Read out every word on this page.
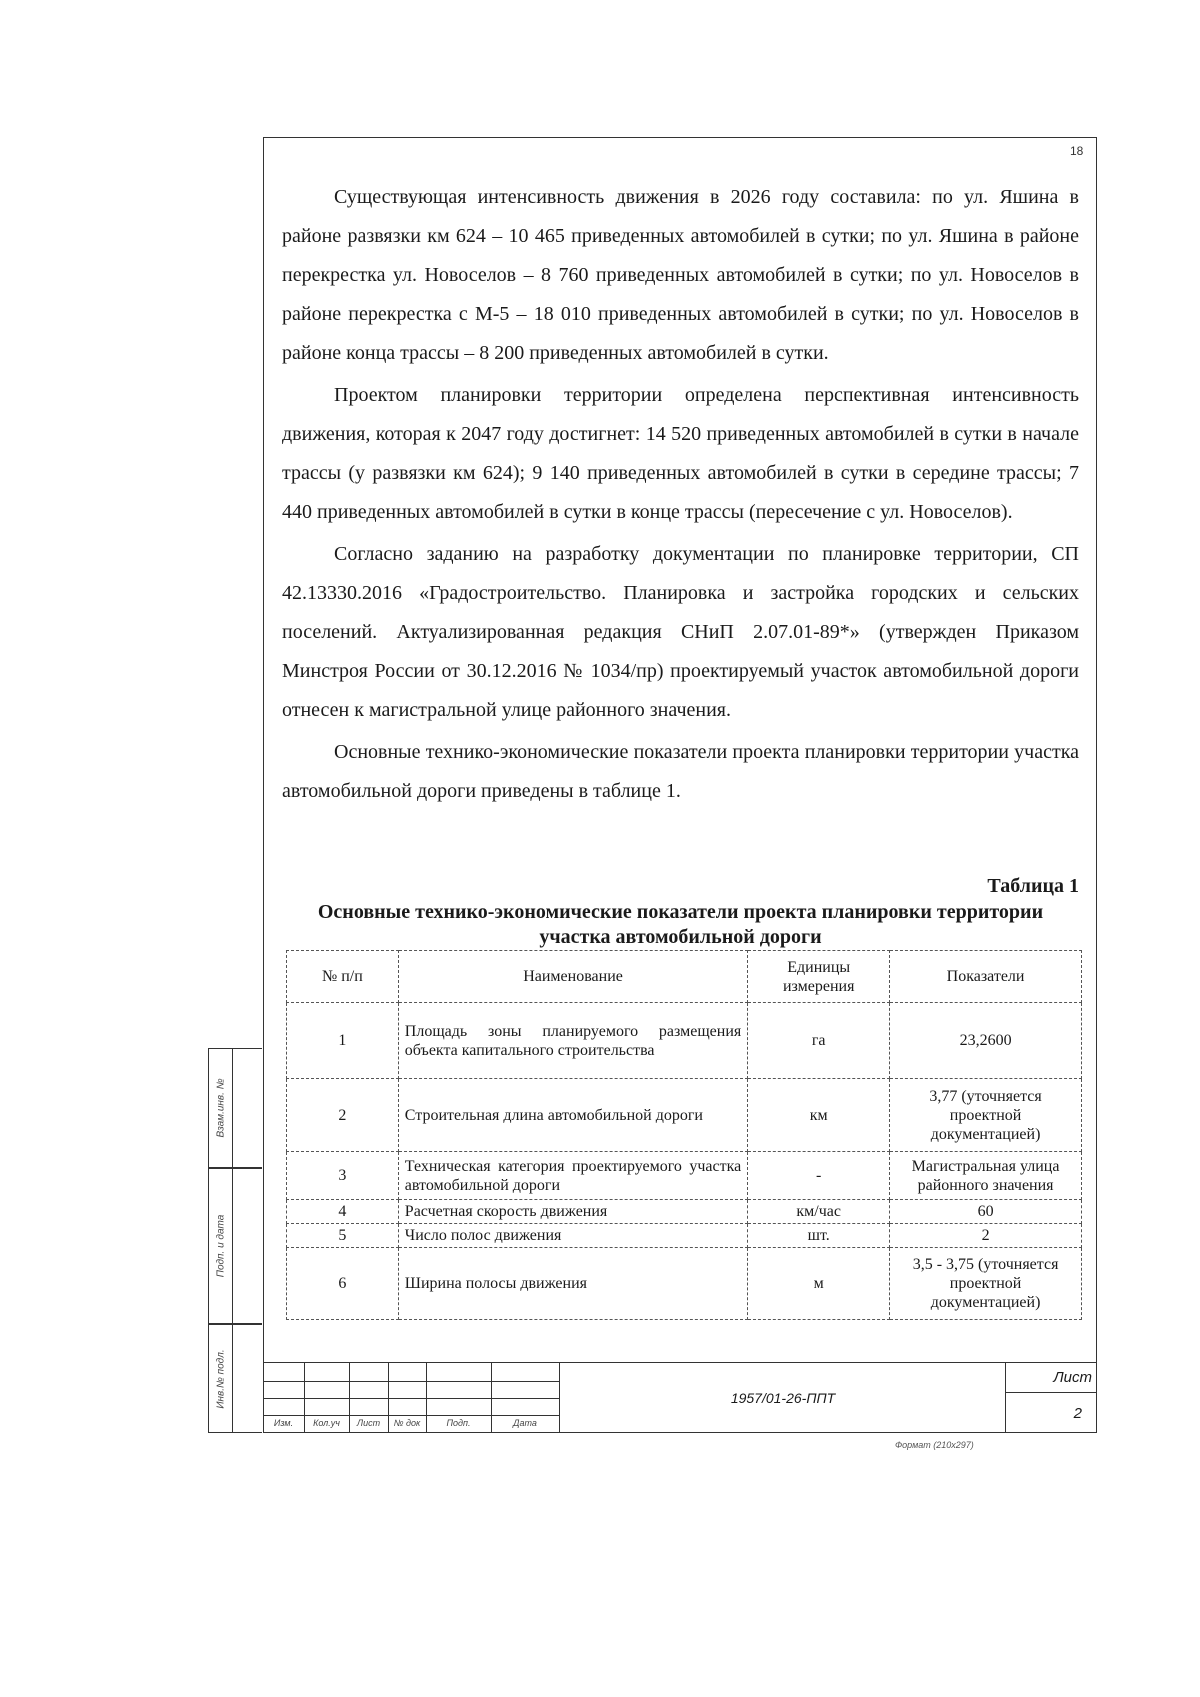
18

Существующая интенсивность движения в 2026 году составила: по ул. Яшина в районе развязки км 624 – 10 465 приведенных автомобилей в сутки; по ул. Яшина в районе перекрестка ул. Новоселов – 8 760 приведенных автомобилей в сутки; по ул. Новоселов в районе перекрестка с М-5 – 18 010 приведенных автомобилей в сутки; по ул. Новоселов в районе конца трассы – 8 200 приведенных автомобилей в сутки.

Проектом планировки территории определена перспективная интенсивность движения, которая к 2047 году достигнет: 14 520 приведенных автомобилей в сутки в начале трассы (у развязки км 624); 9 140 приведенных автомобилей в сутки в середине трассы; 7 440 приведенных автомобилей в сутки в конце трассы (пересечение с ул. Новоселов).

Согласно заданию на разработку документации по планировке территории, СП 42.13330.2016 «Градостроительство. Планировка и застройка городских и сельских поселений. Актуализированная редакция СНиП 2.07.01-89*» (утвержден Приказом Минстроя России от 30.12.2016 № 1034/пр) проектируемый участок автомобильной дороги отнесен к магистральной улице районного значения.

Основные технико-экономические показатели проекта планировки территории участка автомобильной дороги приведены в таблице 1.

Таблица 1
Основные технико-экономические показатели проекта планировки территории участка автомобильной дороги
№ п/п	Наименование	Единицы измерения	Показатели
1	Площадь зоны планируемого размещения объекта капитального строительства	га	23,2600
2	Строительная длина автомобильной дороги	км	3,77 (уточняется проектной документацией)
3	Техническая категория проектируемого участка автомобильной дороги	-	Магистральная улица районного значения
4	Расчетная скорость движения	км/час	60
5	Число полос движения	шт.	2
6	Ширина полосы движения	м	3,5 - 3,75 (уточняется проектной документацией)
Взам.инв. №
Подп. и дата
Инв.№ подл.
Изм.	Кол.уч	Лист	№ док	Подп.	Дата
1957/01-26-ППТ
Лист
2
Формат (210х297)
